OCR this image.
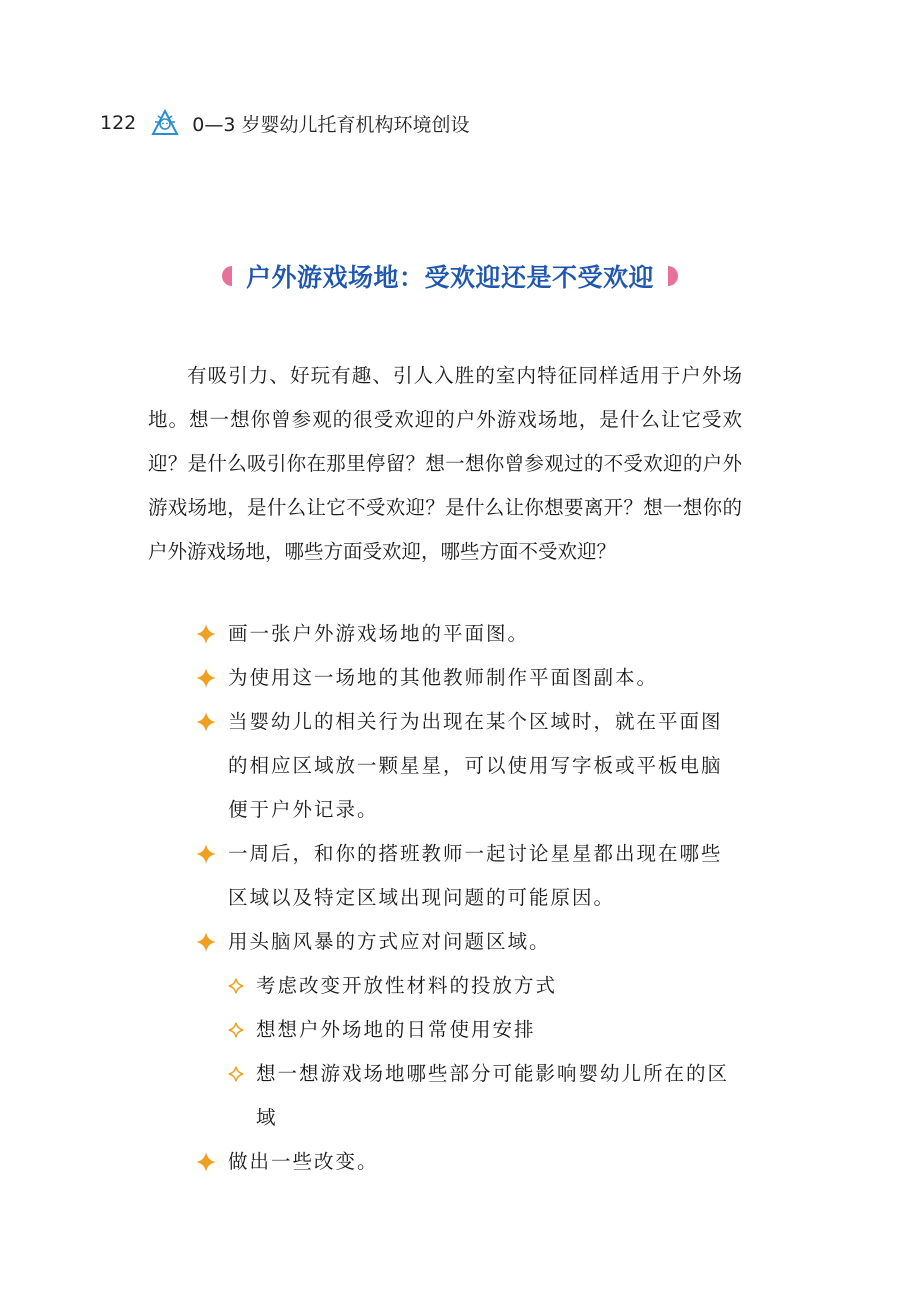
122	0—3 岁婴幼儿托育机构环境创设
户外游戏场地：受欢迎还是不受欢迎
有吸引力、好玩有趣、引人入胜的室内特征同样适用于户外场地。想一想你曾参观的很受欢迎的户外游戏场地，是什么让它受欢迎？是什么吸引你在那里停留？想一想你曾参观过的不受欢迎的户外游戏场地，是什么让它不受欢迎？是什么让你想要离开？想一想你的户外游戏场地，哪些方面受欢迎，哪些方面不受欢迎？
画一张户外游戏场地的平面图。
为使用这一场地的其他教师制作平面图副本。
当婴幼儿的相关行为出现在某个区域时，就在平面图的相应区域放一颗星星，可以使用写字板或平板电脑便于户外记录。
一周后，和你的搭班教师一起讨论星星都出现在哪些区域以及特定区域出现问题的可能原因。
用头脑风暴的方式应对问题区域。
考虑改变开放性材料的投放方式
想想户外场地的日常使用安排
想一想游戏场地哪些部分可能影响婴幼儿所在的区域
做出一些改变。
